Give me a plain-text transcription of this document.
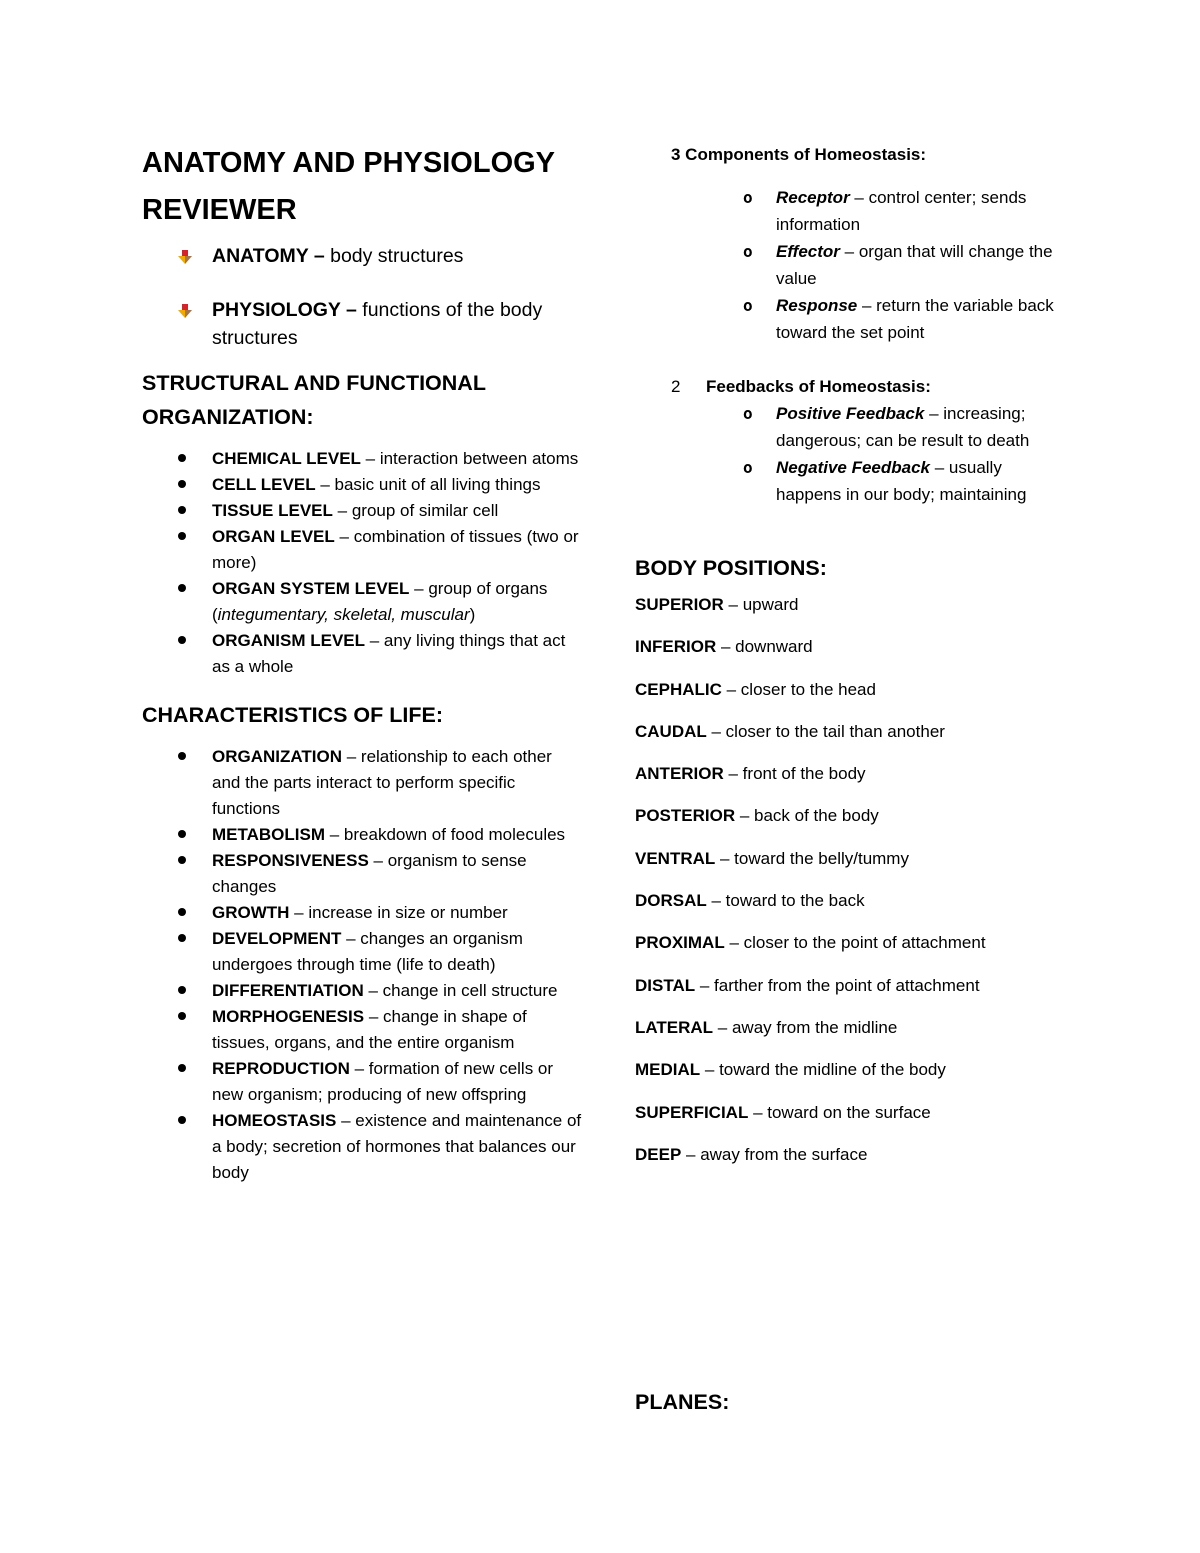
ANATOMY AND PHYSIOLOGY REVIEWER
ANATOMY – body structures
PHYSIOLOGY – functions of the body structures
STRUCTURAL AND FUNCTIONAL ORGANIZATION:
CHEMICAL LEVEL – interaction between atoms
CELL LEVEL – basic unit of all living things
TISSUE LEVEL – group of similar cell
ORGAN LEVEL – combination of tissues (two or more)
ORGAN SYSTEM LEVEL – group of organs (integumentary, skeletal, muscular)
ORGANISM LEVEL – any living things that act as a whole
CHARACTERISTICS OF LIFE:
ORGANIZATION – relationship to each other and the parts interact to perform specific functions
METABOLISM – breakdown of food molecules
RESPONSIVENESS – organism to sense changes
GROWTH – increase in size or number
DEVELOPMENT – changes an organism undergoes through time (life to death)
DIFFERENTIATION – change in cell structure
MORPHOGENESIS – change in shape of tissues, organs, and the entire organism
REPRODUCTION – formation of new cells or new organism; producing of new offspring
HOMEOSTASIS – existence and maintenance of a body; secretion of hormones that balances our body
3 Components of Homeostasis:
o Receptor – control center; sends information
o Effector – organ that will change the value
o Response – return the variable back toward the set point
2 Feedbacks of Homeostasis:
o Positive Feedback – increasing; dangerous; can be result to death
o Negative Feedback – usually happens in our body; maintaining
BODY POSITIONS:
SUPERIOR – upward
INFERIOR – downward
CEPHALIC – closer to the head
CAUDAL – closer to the tail than another
ANTERIOR – front of the body
POSTERIOR – back of the body
VENTRAL – toward the belly/tummy
DORSAL – toward to the back
PROXIMAL – closer to the point of attachment
DISTAL – farther from the point of attachment
LATERAL – away from the midline
MEDIAL – toward the midline of the body
SUPERFICIAL – toward on the surface
DEEP – away from the surface
PLANES:
